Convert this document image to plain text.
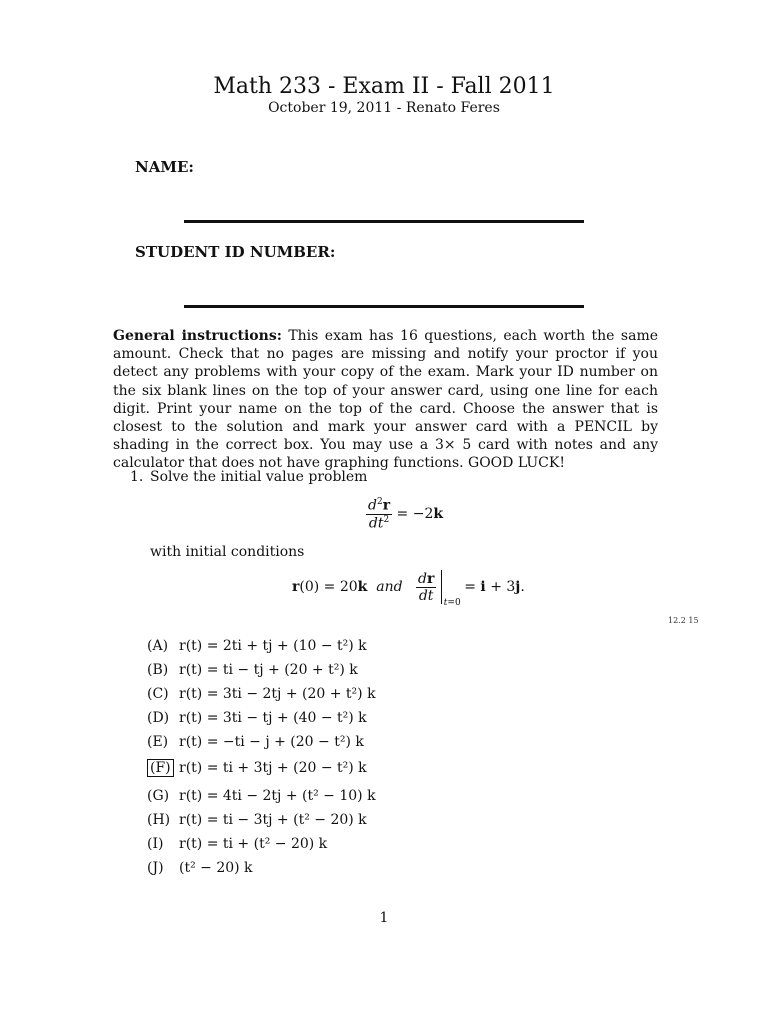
Math 233 - Exam II - Fall 2011
October 19, 2011 - Renato Feres
NAME:
STUDENT ID NUMBER:
General instructions: This exam has 16 questions, each worth the same amount. Check that no pages are missing and notify your proctor if you detect any problems with your copy of the exam. Mark your ID number on the six blank lines on the top of your answer card, using one line for each digit. Print your name on the top of the card. Choose the answer that is closest to the solution and mark your answer card with a PENCIL by shading in the correct box. You may use a 3× 5 card with notes and any calculator that does not have graphing functions. GOOD LUCK!
1. Solve the initial value problem
$\frac{d^2r}{dt^2} = -2k$
with initial conditions
r(0) = 20k and $\frac{dr}{dt}$
t=0
= i + 3j.
12.2 15
(A) r(t) = 2ti + tj + (10 − t²) k
(B) r(t) = ti − tj + (20 + t²) k
(C) r(t) = 3ti − 2tj + (20 + t²) k
(D) r(t) = 3ti − tj + (40 − t²) k
(E) r(t) = −ti − j + (20 − t²) k
(F) r(t) = ti + 3tj + (20 − t²) k
(G) r(t) = 4ti − 2tj + (t² − 10) k
(H) r(t) = ti − 3tj + (t² − 20) k
(I) r(t) = ti + (t² − 20) k
(J) (t² − 20) k
1
